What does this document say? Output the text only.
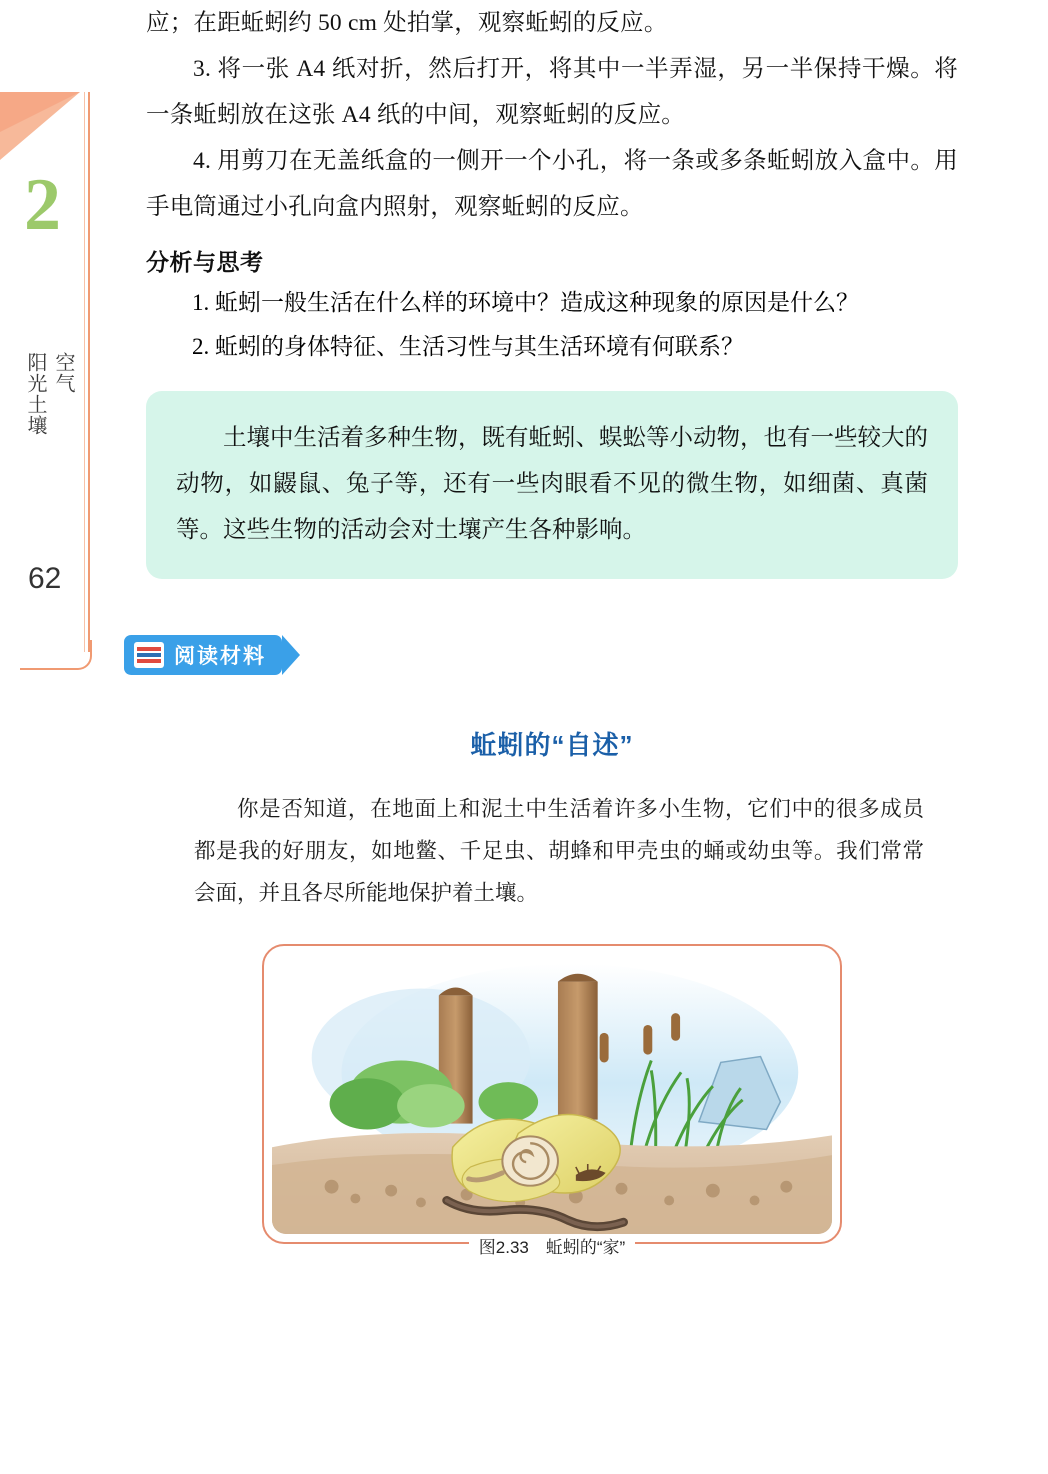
2
阳光 空气 土壤
62

应；在距蚯蚓约 50 cm 处拍掌，观察蚯蚓的反应。

3. 将一张 A4 纸对折，然后打开，将其中一半弄湿，另一半保持干燥。将一条蚯蚓放在这张 A4 纸的中间，观察蚯蚓的反应。

4. 用剪刀在无盖纸盒的一侧开一个小孔，将一条或多条蚯蚓放入盒中。用手电筒通过小孔向盒内照射，观察蚯蚓的反应。

分析与思考

1. 蚯蚓一般生活在什么样的环境中？造成这种现象的原因是什么？

2. 蚯蚓的身体特征、生活习性与其生活环境有何联系？

土壤中生活着多种生物，既有蚯蚓、蜈蚣等小动物，也有一些较大的动物，如鼹鼠、兔子等，还有一些肉眼看不见的微生物，如细菌、真菌等。这些生物的活动会对土壤产生各种影响。

阅读材料
蚯蚓的“自述”

你是否知道，在地面上和泥土中生活着许多小生物，它们中的很多成员都是我的好朋友，如地鳖、千足虫、胡蜂和甲壳虫的蛹或幼虫等。我们常常会面，并且各尽所能地保护着土壤。

图2.33　蚯蚓的“家”
